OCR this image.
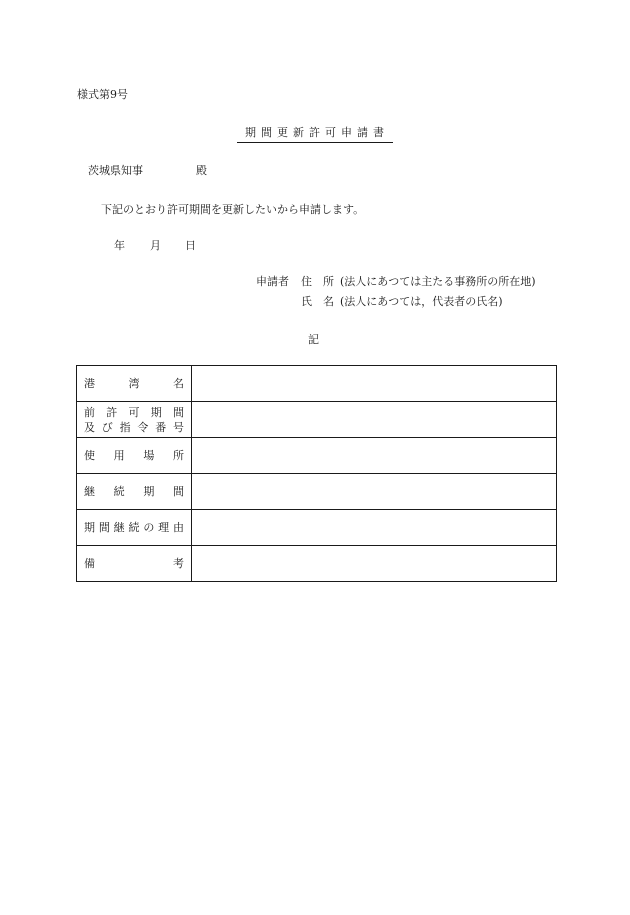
様式第9号
期間更新許可申請書
茨城県知事	殿
下記のとおり許可期間を更新したいから申請します。
年 月 日
申請者 住　所 (法人にあつては主たる事務所の所在地)
氏　名 (法人にあつては，代表者の氏名)
記
港湾名	

前許可期間
及び指令番号	

使用場所	

継続期間	

期間継続の理由	

備考	
